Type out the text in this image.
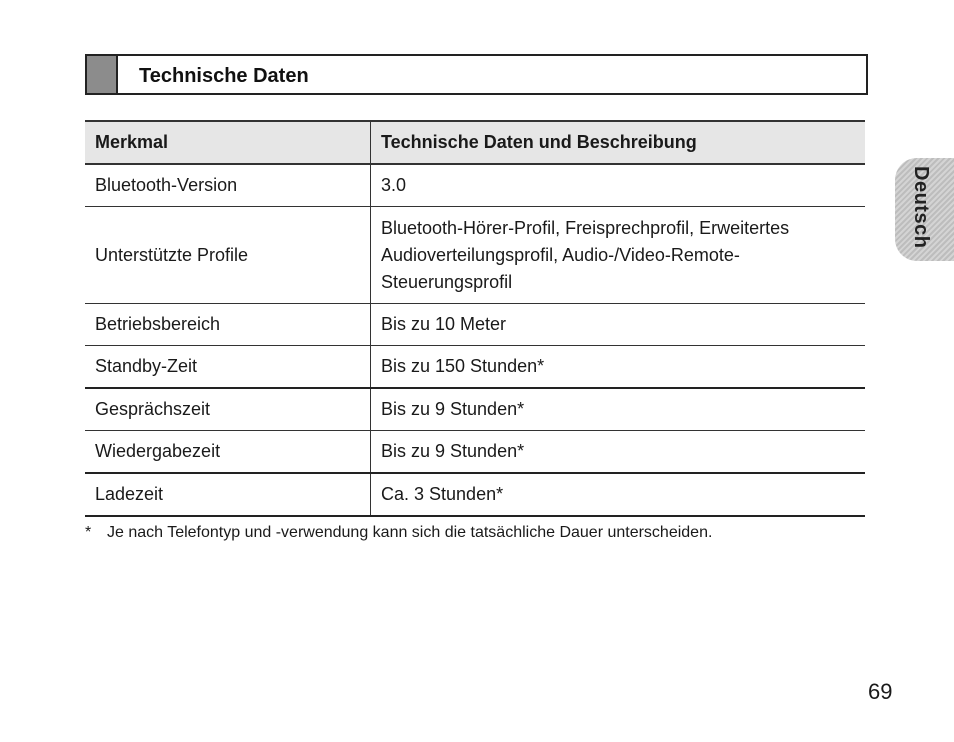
Technische Daten
Merkmal	Technische Daten und Beschreibung
Bluetooth-Version	3.0
Unterstützte Profile	Bluetooth-Hörer-Profil, Freisprechprofil, Erweitertes Audioverteilungsprofil, Audio-/Video-Remote-Steuerungsprofil
Betriebsbereich	Bis zu 10 Meter
Standby-Zeit	Bis zu 150 Stunden*
Gesprächszeit	Bis zu 9 Stunden*
Wiedergabezeit	Bis zu 9 Stunden*
Ladezeit	Ca. 3 Stunden*
* Je nach Telefontyp und -verwendung kann sich die tatsächliche Dauer unterscheiden.
Deutsch
69
